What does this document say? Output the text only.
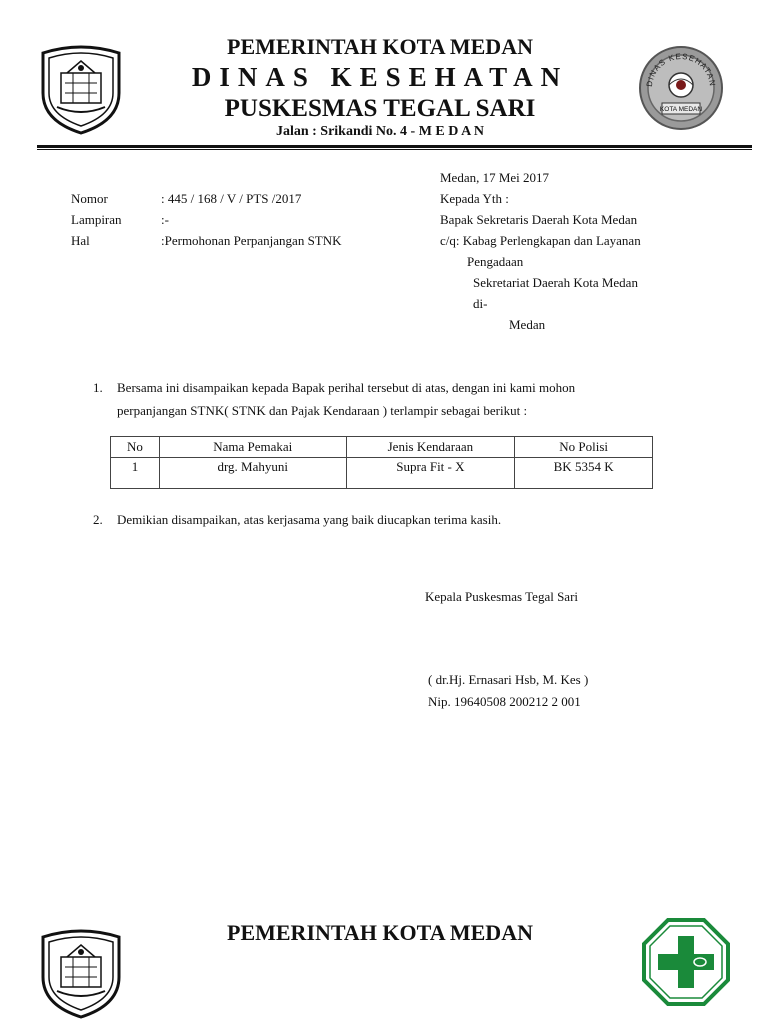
DINAS KESEHATAN
KOTA MEDAN
PEMERINTAH KOTA MEDAN
DINAS KESEHATAN
PUSKESMAS TEGAL SARI
Jalan : Srikandi No. 4 - M E D A N
Medan, 17 Mei 2017
Nomor	: 445 / 168 / V / PTS /2017
Lampiran	:-
Hal	:Permohonan Perpanjangan STNK
Kepada Yth :
Bapak Sekretaris Daerah Kota Medan
c/q: Kabag Perlengkapan dan Layanan
Pengadaan
Sekretariat Daerah Kota Medan
di-
Medan
1. Bersama ini disampaikan kepada Bapak perihal tersebut di atas, dengan ini kami mohon
perpanjangan STNK( STNK dan Pajak Kendaraan ) terlampir sebagai berikut :
No	Nama Pemakai	Jenis Kendaraan	No Polisi
1	drg. Mahyuni	Supra Fit - X	BK 5354 K
2. Demikian disampaikan, atas kerjasama yang baik diucapkan terima kasih.
Kepala Puskesmas Tegal Sari
( dr.Hj. Ernasari Hsb, M. Kes )
Nip. 19640508 200212 2 001
PEMERINTAH KOTA MEDAN
